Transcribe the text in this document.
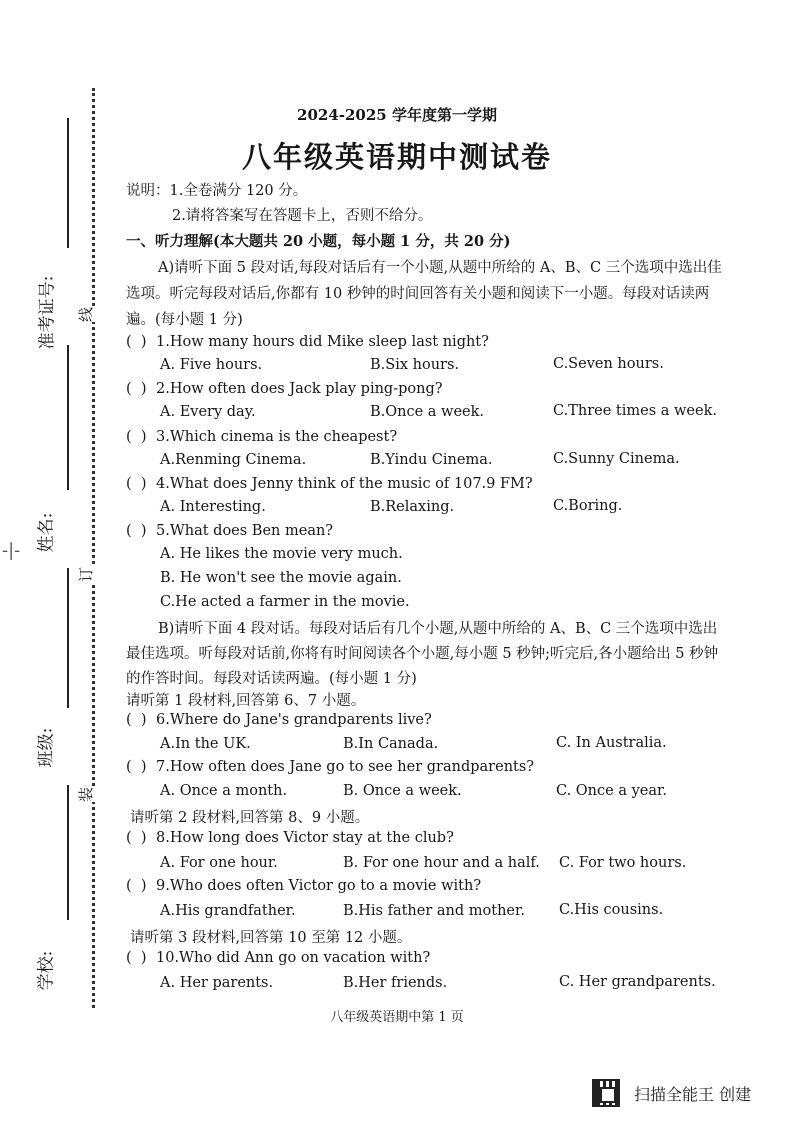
准考证号:
姓名:
班级:
学校:
线
订
装
-|-
2024-2025 学年度第一学期
八年级英语期中测试卷
说明：1.全卷满分 120 分。
2.请将答案写在答题卡上，否则不给分。
一、听力理解(本大题共 20 小题，每小题 1 分，共 20 分)
A)请听下面 5 段对话,每段对话后有一个小题,从题中所给的 A、B、C 三个选项中选出佳
选项。听完每段对话后,你都有 10 秒钟的时间回答有关小题和阅读下一小题。每段对话读两
遍。(每小题 1 分)
( ) 1.How many hours did Mike sleep last night?
A. Five hours.	B.Six hours.	C.Seven hours.
( ) 2.How often does Jack play ping-pong?
A. Every day.	B.Once a week.	C.Three times a week.
( ) 3.Which cinema is the cheapest?
A.Renming Cinema.	B.Yindu Cinema.	C.Sunny Cinema.
( ) 4.What does Jenny think of the music of 107.9 FM?
A. Interesting.	B.Relaxing.	C.Boring.
( ) 5.What does Ben mean?
A. He likes the movie very much.
B. He won't see the movie again.
C.He acted a farmer in the movie.
B)请听下面 4 段对话。每段对话后有几个小题,从题中所给的 A、B、C 三个选项中选出
最佳选项。听每段对话前,你将有时间阅读各个小题,每小题 5 秒钟;听完后,各小题给出 5 秒钟
的作答时间。每段对话读两遍。(每小题 1 分)
请听第 1 段材料,回答第 6、7 小题。
( ) 6.Where do Jane's grandparents live?
A.In the UK.	B.In Canada.	C. In Australia.
( ) 7.How often does Jane go to see her grandparents?
A. Once a month.	B. Once a week.	C. Once a year.
请听第 2 段材料,回答第 8、9 小题。
( ) 8.How long does Victor stay at the club?
A. For one hour.	B. For one hour and a half. C. For two hours.
( ) 9.Who does often Victor go to a movie with?
A.His grandfather.	B.His father and mother. C.His cousins.
请听第 3 段材料,回答第 10 至第 12 小题。
( ) 10.Who did Ann go on vacation with?
A. Her parents.	B.Her friends.	C. Her grandparents.
八年级英语期中第 1 页
扫描全能王 创建
